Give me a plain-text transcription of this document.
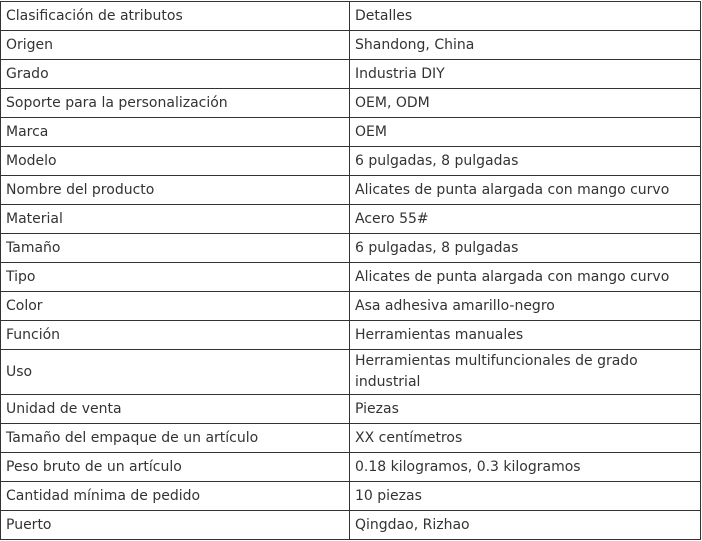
Clasificación de atributos	Detalles
Origen	Shandong, China
Grado	Industria DIY
Soporte para la personalización	OEM, ODM
Marca	OEM
Modelo	6 pulgadas, 8 pulgadas
Nombre del producto	Alicates de punta alargada con mango curvo
Material	Acero 55#
Tamaño	6 pulgadas, 8 pulgadas
Tipo	Alicates de punta alargada con mango curvo
Color	Asa adhesiva amarillo-negro
Función	Herramientas manuales
Uso	Herramientas multifuncionales de grado industrial
Unidad de venta	Piezas
Tamaño del empaque de un artículo	XX centímetros
Peso bruto de un artículo	0.18 kilogramos, 0.3 kilogramos
Cantidad mínima de pedido	10 piezas
Puerto	Qingdao, Rizhao
